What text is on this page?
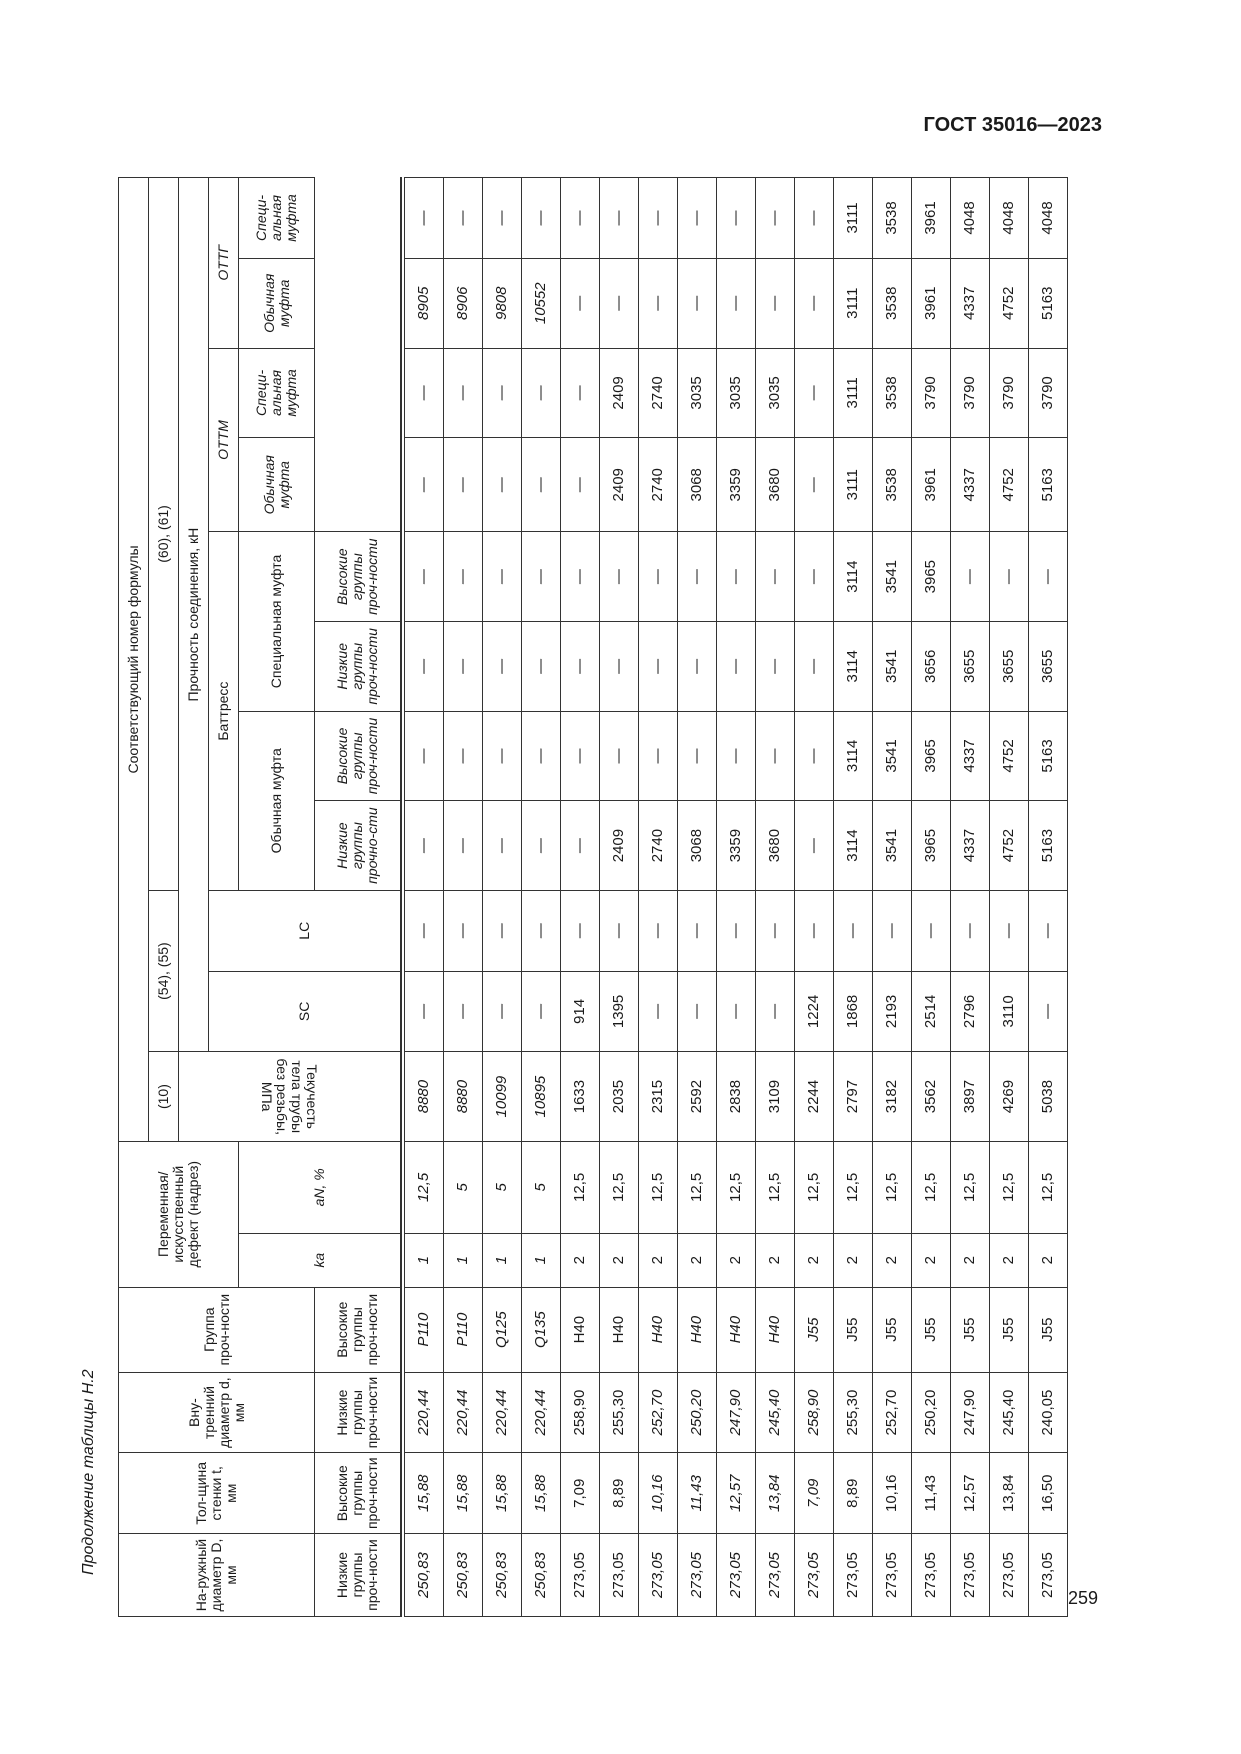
ГОСТ 35016—2023
Продолжение таблицы Н.2
На-ружный диаметр D, мм	Тол-щина стенки t, мм	Вну-тренний диаметр d, мм	Группа проч-ности	Переменная/ искусственный дефект (надрез)		Соответствующий номер формулы										
						(10)	(54), (55)		(60), (61)							
						Текучесть тела трубы без резьбы, МПа	Прочность соединения, кН									
							SC	LC	Баттресс				ОТТМ		ОТТГ	
				ka	aN, %				Обычная муфта		Специальная муфта		Обычная муфта	Специ-альная муфта	Обычная муфта	Специ-альная муфта
Низкие группы проч-ности	Высокие группы проч-ности	Низкие группы проч-ности	Высокие группы проч-ности						Низкие группы прочно-сти	Высокие группы проч-ности	Низкие группы проч-ности	Высокие группы проч-ности				

250,83	15,88	220,44	P110	1	12,5	8880	—	—	—	—	—	—	—	—	8905	—
250,83	15,88	220,44	P110	1	5	8880	—	—	—	—	—	—	—	—	8906	—
250,83	15,88	220,44	Q125	1	5	10099	—	—	—	—	—	—	—	—	9808	—
250,83	15,88	220,44	Q135	1	5	10895	—	—	—	—	—	—	—	—	10552	—
273,05	7,09	258,90	H40	2	12,5	1633	914	—	—	—	—	—	—	—	—	—
273,05	8,89	255,30	H40	2	12,5	2035	1395	—	2409	—	—	—	2409	2409	—	—
273,05	10,16	252,70	H40	2	12,5	2315	—	—	2740	—	—	—	2740	2740	—	—
273,05	11,43	250,20	H40	2	12,5	2592	—	—	3068	—	—	—	3068	3035	—	—
273,05	12,57	247,90	H40	2	12,5	2838	—	—	3359	—	—	—	3359	3035	—	—
273,05	13,84	245,40	H40	2	12,5	3109	—	—	3680	—	—	—	3680	3035	—	—
273,05	7,09	258,90	J55	2	12,5	2244	1224	—	—	—	—	—	—	—	—	—
273,05	8,89	255,30	J55	2	12,5	2797	1868	—	3114	3114	3114	3114	3111	3111	3111	3111
273,05	10,16	252,70	J55	2	12,5	3182	2193	—	3541	3541	3541	3541	3538	3538	3538	3538
273,05	11,43	250,20	J55	2	12,5	3562	2514	—	3965	3965	3656	3965	3961	3790	3961	3961
273,05	12,57	247,90	J55	2	12,5	3897	2796	—	4337	4337	3655	—	4337	3790	4337	4048
273,05	13,84	245,40	J55	2	12,5	4269	3110	—	4752	4752	3655	—	4752	3790	4752	4048
273,05	16,50	240,05	J55	2	12,5	5038	—	—	5163	5163	3655	—	5163	3790	5163	4048
259
